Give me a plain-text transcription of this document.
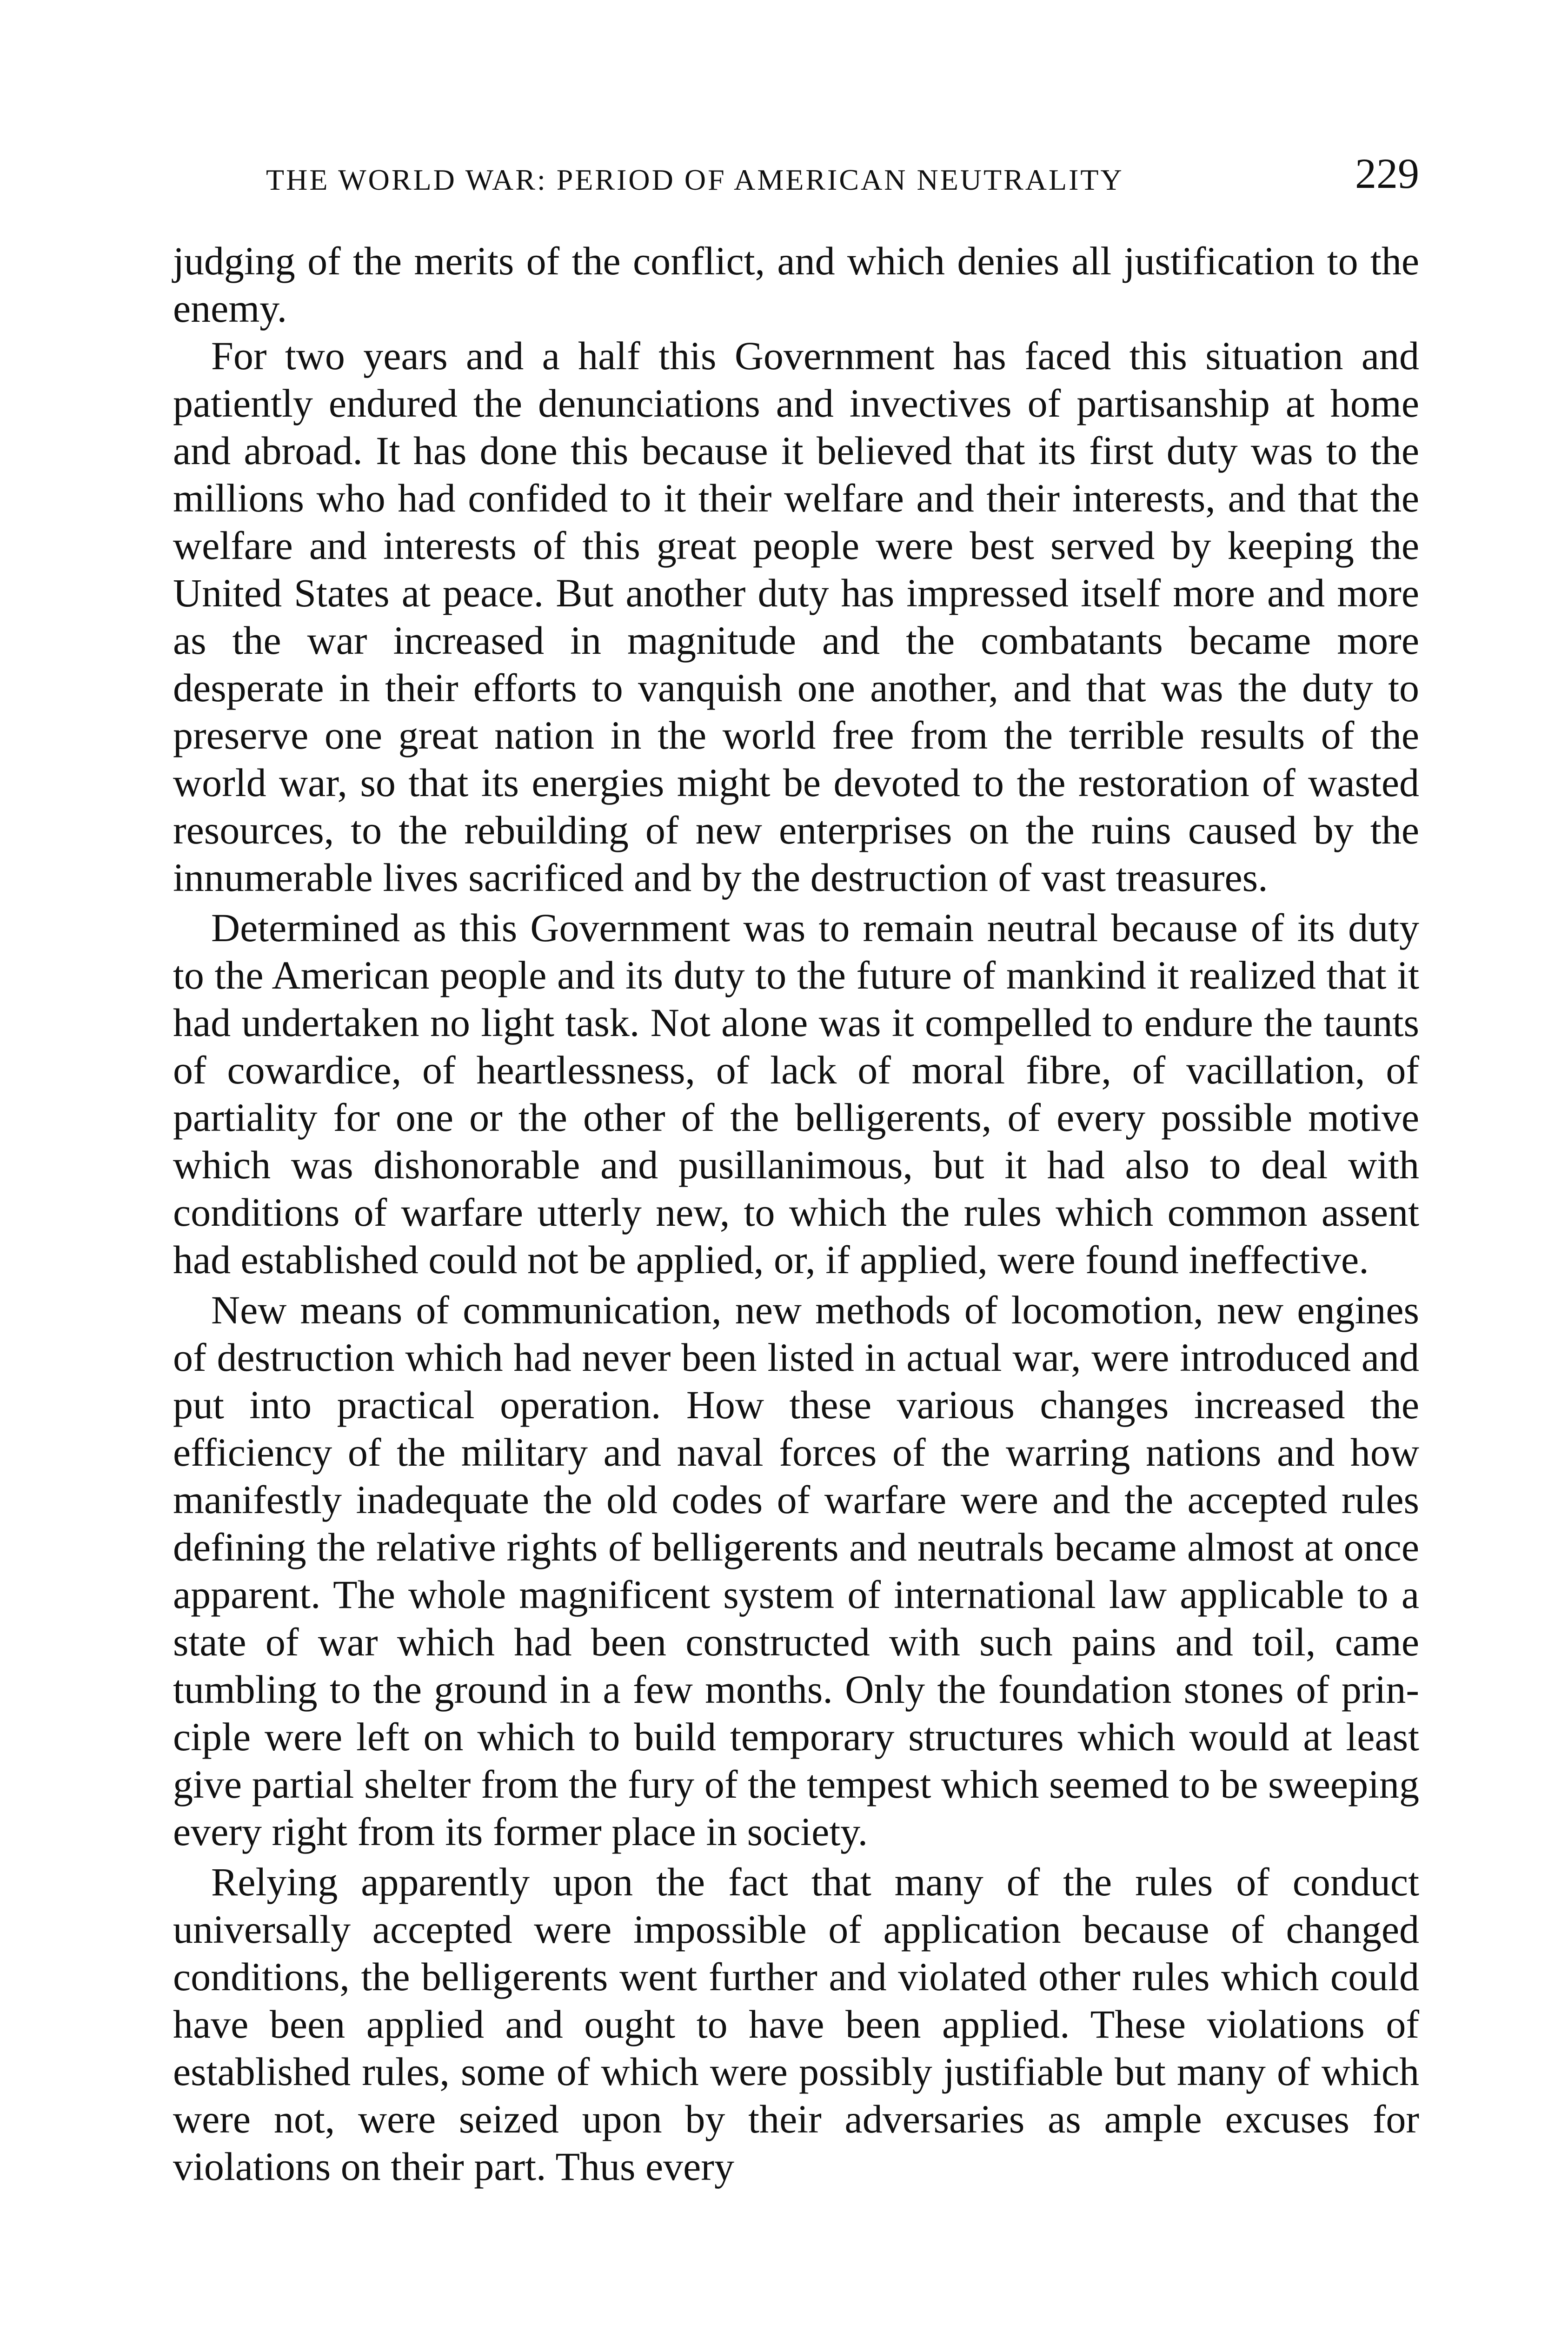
THE WORLD WAR: PERIOD OF AMERICAN NEUTRALITY	229

judging of the merits of the conflict, and which denies all justification to the enemy.

For two years and a half this Government has faced this situation and patiently endured the denunciations and invectives of partisanship at home and abroad. It has done this because it believed that its first duty was to the millions who had confided to it their welfare and their interests, and that the welfare and interests of this great people were best served by keeping the United States at peace. But another duty has impressed itself more and more as the war increased in magnitude and the combatants became more desperate in their efforts to vanquish one another, and that was the duty to preserve one great nation in the world free from the terrible results of the world war, so that its energies might be devoted to the restoration of wasted resources, to the rebuilding of new enterprises on the ruins caused by the innumerable lives sacrificed and by the destruction of vast treasures.

Determined as this Government was to remain neutral because of its duty to the American people and its duty to the future of mankind it realized that it had undertaken no light task. Not alone was it compelled to endure the taunts of cowardice, of heartlessness, of lack of moral fibre, of vacillation, of partiality for one or the other of the belligerents, of every possible motive which was dishonorable and pusillanimous, but it had also to deal with conditions of warfare utterly new, to which the rules which common assent had established could not be applied, or, if applied, were found ineffective.

New means of communication, new methods of locomotion, new engines of destruction which had never been listed in actual war, were introduced and put into practical operation. How these various changes increased the efficiency of the military and naval forces of the warring nations and how manifestly inadequate the old codes of warfare were and the accepted rules defining the relative rights of belligerents and neutrals became almost at once apparent. The whole magnificent system of international law applicable to a state of war which had been constructed with such pains and toil, came tumbling to the ground in a few months. Only the foundation stones of principle were left on which to build temporary structures which would at least give partial shelter from the fury of the tempest which seemed to be sweeping every right from its former place in society.

Relying apparently upon the fact that many of the rules of conduct universally accepted were impossible of application because of changed conditions, the belligerents went further and violated other rules which could have been applied and ought to have been applied. These violations of established rules, some of which were possibly justifiable but many of which were not, were seized upon by their adversaries as ample excuses for violations on their part. Thus every
